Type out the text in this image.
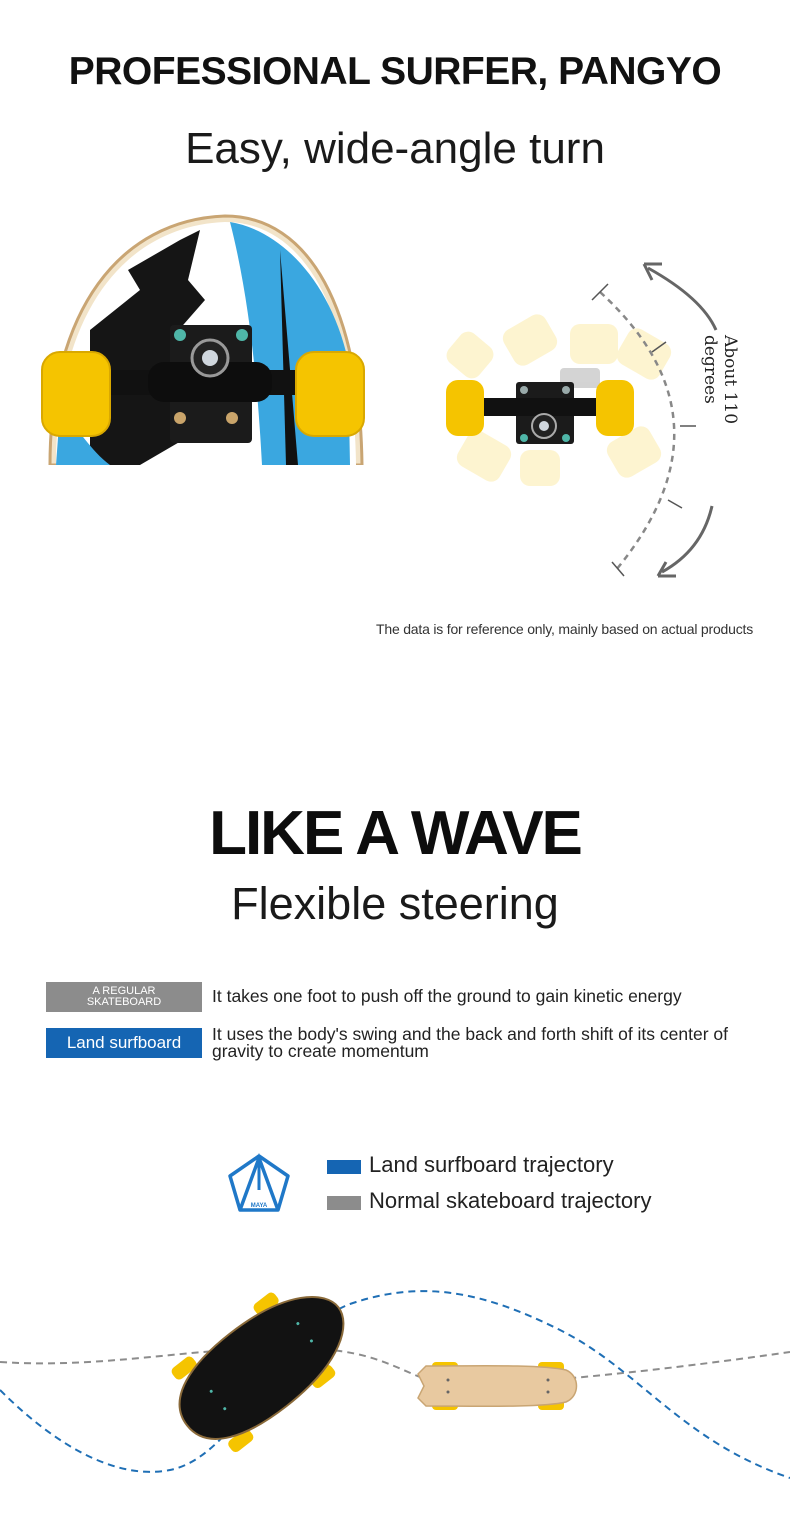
PROFESSIONAL SURFER, PANGYO
Easy, wide-angle turn
About 110 degrees
The data is for reference only, mainly based on actual products
LIKE A WAVE
Flexible steering
A REGULAR SKATEBOARD	It takes one foot to push off the ground to gain kinetic energy
Land surfboard	It uses the body's swing and the back and forth shift of its center of gravity to create momentum
MAYA
Land surfboard trajectory
Normal skateboard trajectory
